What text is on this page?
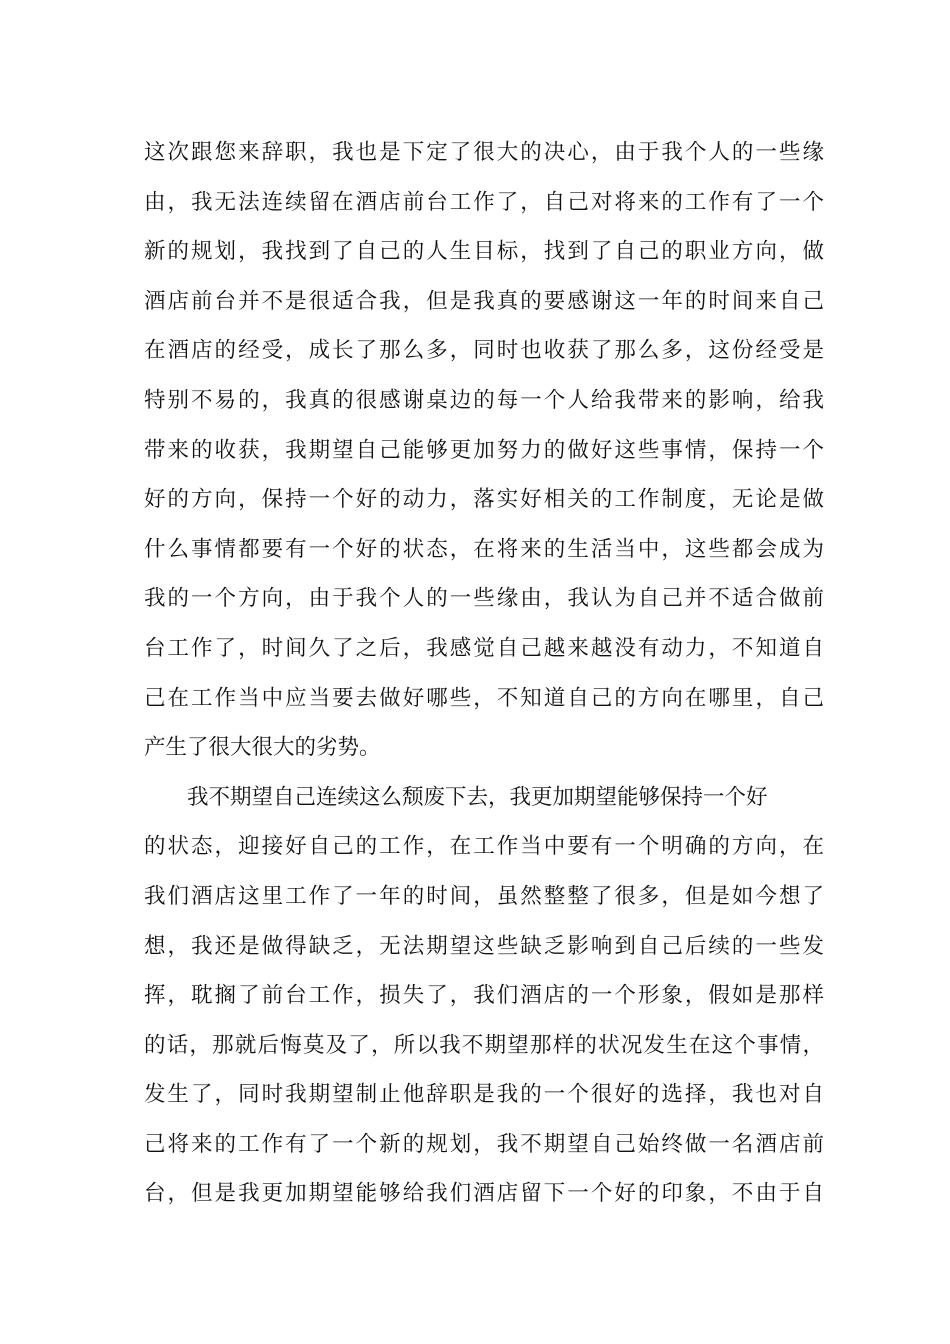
这次跟您来辞职，我也是下定了很大的决心，由于我个人的一些缘
由，我无法连续留在酒店前台工作了，自己对将来的工作有了一个
新的规划，我找到了自己的人生目标，找到了自己的职业方向，做
酒店前台并不是很适合我，但是我真的要感谢这一年的时间来自己
在酒店的经受，成长了那么多，同时也收获了那么多，这份经受是
特别不易的，我真的很感谢桌边的每一个人给我带来的影响，给我
带来的收获，我期望自己能够更加努力的做好这些事情，保持一个
好的方向，保持一个好的动力，落实好相关的工作制度，无论是做
什么事情都要有一个好的状态，在将来的生活当中，这些都会成为
我的一个方向，由于我个人的一些缘由，我认为自己并不适合做前
台工作了，时间久了之后，我感觉自己越来越没有动力，不知道自
己在工作当中应当要去做好哪些，不知道自己的方向在哪里，自己
产生了很大很大的劣势。
　　我不期望自己连续这么颓废下去，我更加期望能够保持一个好
的状态，迎接好自己的工作，在工作当中要有一个明确的方向，在
我们酒店这里工作了一年的时间，虽然整整了很多，但是如今想了
想，我还是做得缺乏，无法期望这些缺乏影响到自己后续的一些发
挥，耽搁了前台工作，损失了，我们酒店的一个形象，假如是那样
的话，那就后悔莫及了，所以我不期望那样的状况发生在这个事情，
发生了，同时我期望制止他辞职是我的一个很好的选择，我也对自
己将来的工作有了一个新的规划，我不期望自己始终做一名酒店前
台，但是我更加期望能够给我们酒店留下一个好的印象，不由于自
